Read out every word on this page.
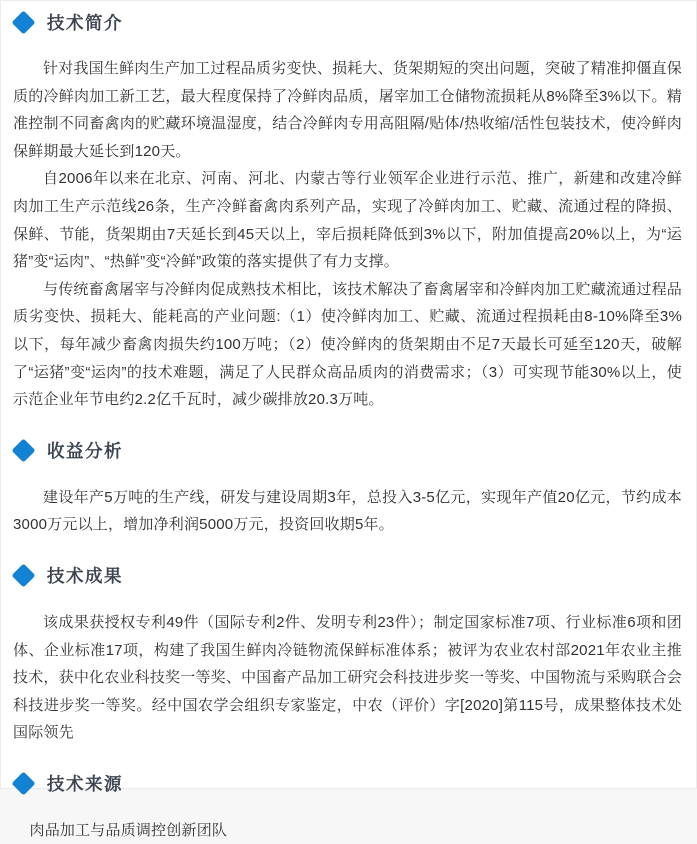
技术简介

针对我国生鲜肉生产加工过程品质劣变快、损耗大、货架期短的突出问题，突破了精准抑僵直保质的冷鲜肉加工新工艺，最大程度保持了冷鲜肉品质，屠宰加工仓储物流损耗从8%降至3%以下。精准控制不同畜禽肉的贮藏环境温湿度，结合冷鲜肉专用高阻隔/贴体/热收缩/活性包装技术，使冷鲜肉保鲜期最大延长到120天。

自2006年以来在北京、河南、河北、内蒙古等行业领军企业进行示范、推广，新建和改建冷鲜肉加工生产示范线26条，生产冷鲜畜禽肉系列产品，实现了冷鲜肉加工、贮藏、流通过程的降损、保鲜、节能，货架期由7天延长到45天以上，宰后损耗降低到3%以下，附加值提高20%以上，为“运猪”变“运肉”、“热鲜”变“冷鲜”政策的落实提供了有力支撑。

与传统畜禽屠宰与冷鲜肉促成熟技术相比，该技术解决了畜禽屠宰和冷鲜肉加工贮藏流通过程品质劣变快、损耗大、能耗高的产业问题:（1）使冷鲜肉加工、贮藏、流通过程损耗由8-10%降至3%以下，每年减少畜禽肉损失约100万吨；（2）使冷鲜肉的货架期由不足7天最长可延至120天，破解了“运猪”变“运肉”的技术难题，满足了人民群众高品质肉的消费需求；（3）可实现节能30%以上，使示范企业年节电约2.2亿千瓦时，减少碳排放20.3万吨。

收益分析

建设年产5万吨的生产线，研发与建设周期3年，总投入3-5亿元，实现年产值20亿元，节约成本3000万元以上，增加净利润5000万元，投资回收期5年。

技术成果

该成果获授权专利49件（国际专利2件、发明专利23件）；制定国家标准7项、行业标准6项和团体、企业标准17项，构建了我国生鲜肉冷链物流保鲜标准体系；被评为农业农村部2021年农业主推技术，获中化农业科技奖一等奖、中国畜产品加工研究会科技进步奖一等奖、中国物流与采购联合会科技进步奖一等奖。经中国农学会组织专家鉴定，中农（评价）字[2020]第115号，成果整体技术处国际领先

技术来源

肉品加工与品质调控创新团队
